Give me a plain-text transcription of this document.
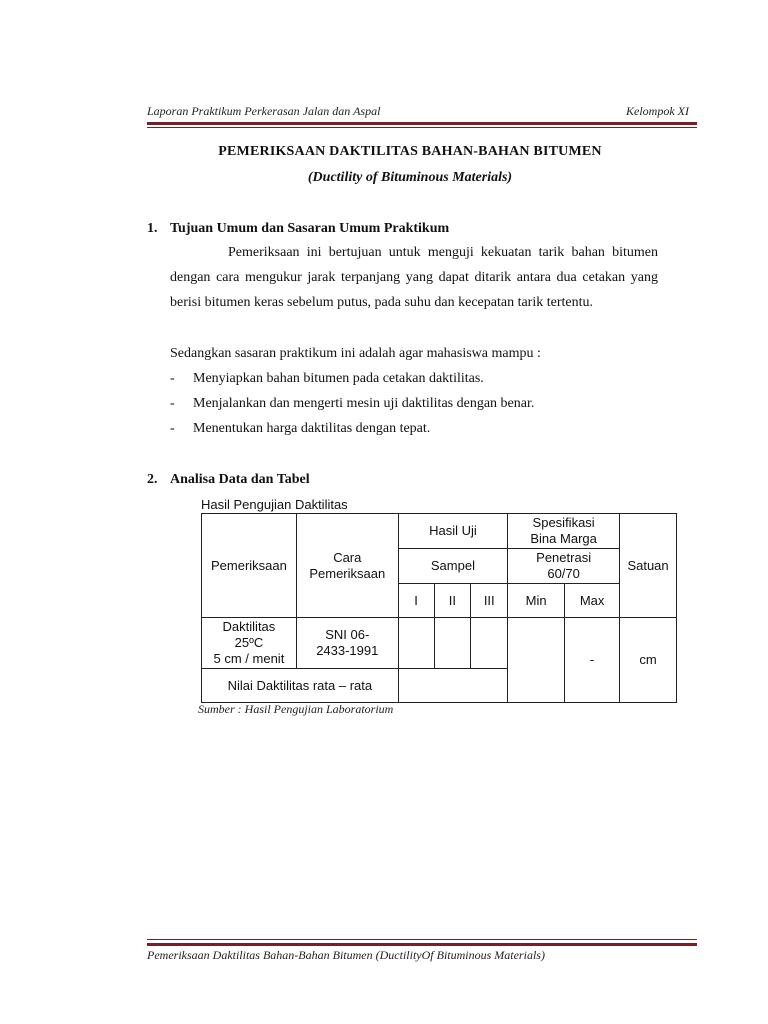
Laporan Praktikum Perkerasan Jalan dan Aspal	Kelompok XI
PEMERIKSAAN DAKTILITAS BAHAN-BAHAN BITUMEN
(Ductility of Bituminous Materials)
1. Tujuan Umum dan Sasaran Umum Praktikum
Pemeriksaan ini bertujuan untuk menguji kekuatan tarik bahan bitumen dengan cara mengukur jarak terpanjang yang dapat ditarik antara dua cetakan yang berisi bitumen keras sebelum putus, pada suhu dan kecepatan tarik tertentu.
Sedangkan sasaran praktikum ini adalah agar mahasiswa mampu :
- Menyiapkan bahan bitumen pada cetakan daktilitas.
- Menjalankan dan mengerti mesin uji daktilitas dengan benar.
- Menentukan harga daktilitas dengan tepat.
2. Analisa Data dan Tabel
Hasil Pengujian Daktilitas
Pemeriksaan	Cara Pemeriksaan	Hasil Uji			Spesifikasi Bina Marga		Satuan
		Sampel			Penetrasi 60/70		
		I	II	III	Min	Max	

Daktilitas
25ºC
5 cm / menit	SNI 06-2433-1991					-	cm
Nilai Daktilitas rata – rata							
Sumber : Hasil Pengujian Laboratorium
Pemeriksaan Daktilitas Bahan-Bahan Bitumen (DuctilityOf Bituminous Materials)
